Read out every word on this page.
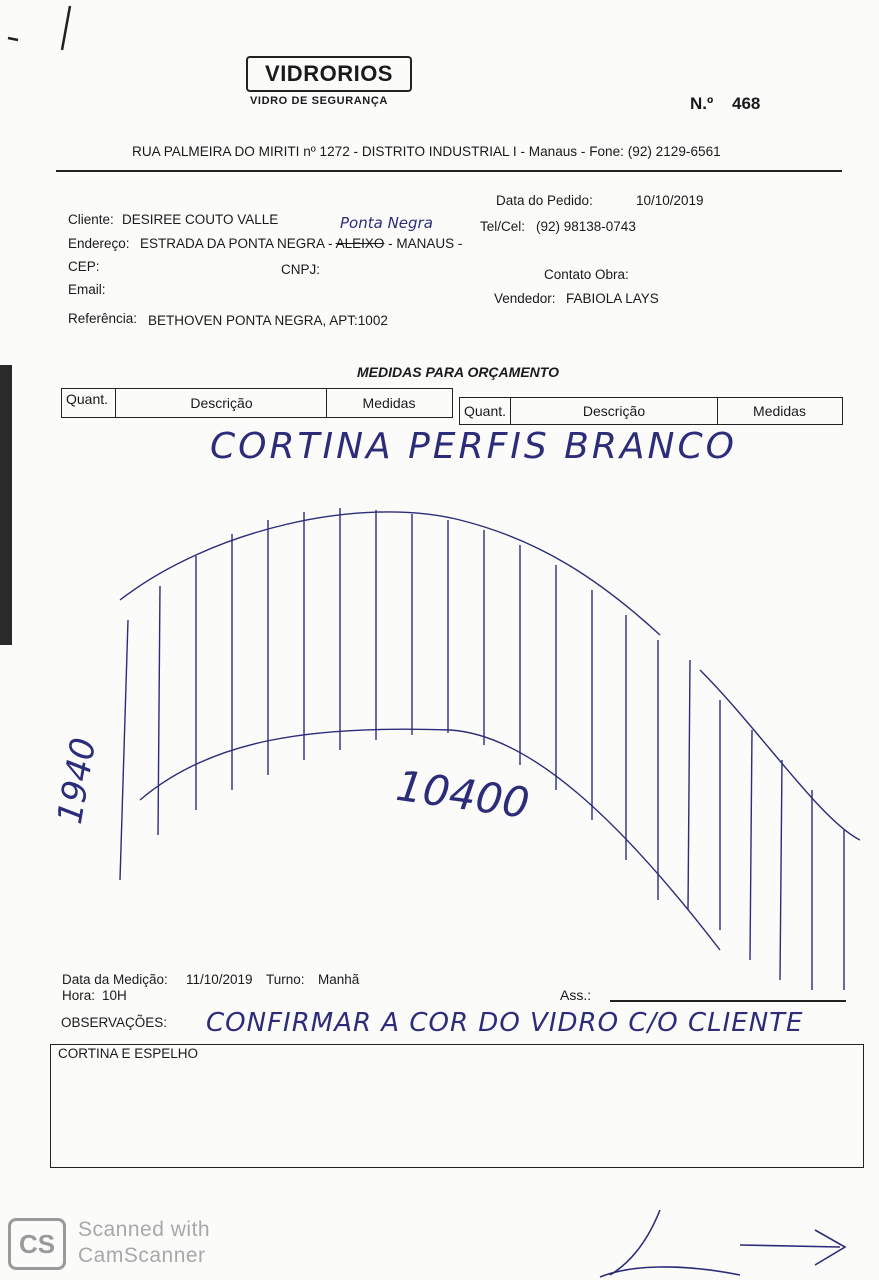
VIDRORIOS
VIDRO DE SEGURANÇA	N.º 468
RUA PALMEIRA DO MIRITI nº 1272 - DISTRITO INDUSTRIAL I - Manaus - Fone: (92) 2129-6561
Data do Pedido:	10/10/2019
Cliente: DESIREE COUTO VALLE	Ponta Negra	Tel/Cel: (92) 98138-0743
Endereço: ESTRADA DA PONTA NEGRA - ALEIXO - MANAUS -
CEP:	CNPJ:	Contato Obra:
Email:
Vendedor: FABIOLA LAYS
Referência: BETHOVEN PONTA NEGRA, APT:1002
MEDIDAS PARA ORÇAMENTO
Quant.	Descrição	Medidas	Quant.	Descrição	Medidas
CORTINA PERFIS BRANCO
1940	10400
Data da Medição: 11/10/2019 Turno: Manhã
Hora: 10H	Ass.:
OBSERVAÇÕES: CONFIRMAR A COR DO VIDRO C/O CLIENTE
CORTINA E ESPELHO
CS	Scanned with
CamScanner
